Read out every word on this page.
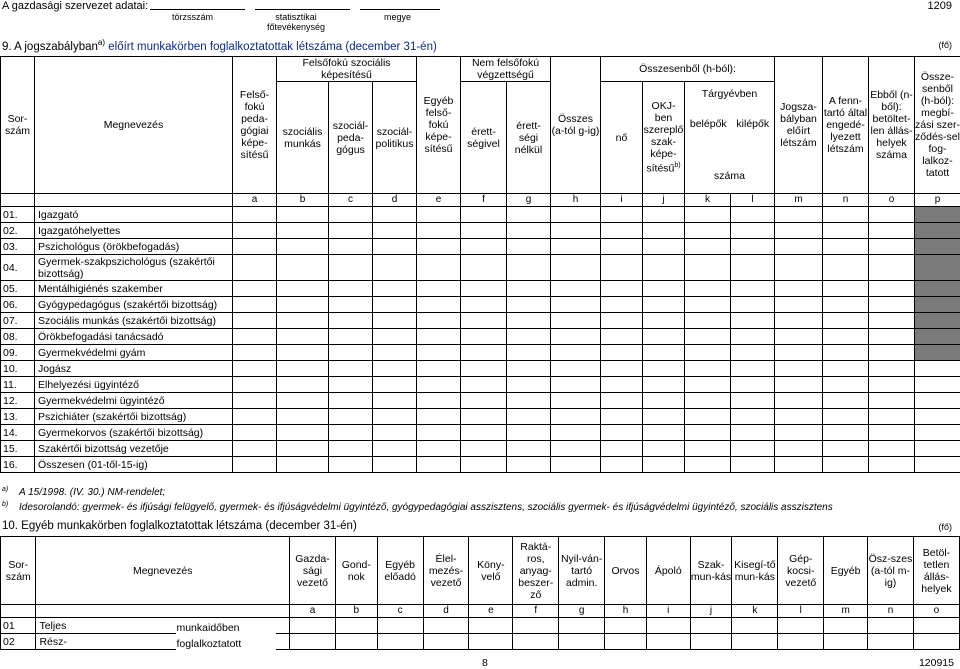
A gazdasági szervezet adatai:	1209
törzsszám	statisztikai főtevékenység
megye
9. A jogszabályban$^{a)}$ előírt munkakörben foglalkoztatottak létszáma (december 31-én)	(fő)
Sor-szám	Megnevezés	Felső-fokú peda-gógiai képe-sítésű	Felsőfokú szociális képesítésű			Egyéb felső-fokú képe-sítésű	Nem felsőfokú végzettségű		Összes (a-tól g-ig)	Összesenből (h-ból):				Jogsza-bályban előírt létszám	A fenn-tartó által engedé-lyezett létszám	Ebből (n-ből): betöltet-len állás-helyek száma	Össze-senből (h-ból): megbí-zási szer-ződés-sel fog-lalkoz-tatott
			szociális munkás	szociál-peda-gógus	szociál-politikus		érett-ségivel	érett-ségi nélkül		nő	OKJ-ben szereplő szak-képe-sítésű$^{b)}$	Tárgyévben
belépők kilépők
száma					

		a	b	c	d	e	f	g	h	i	j	k	l	m	n	o	p
01.	Igazgató																
02.	Igazgatóhelyettes																
03.	Pszichológus (örökbefogadás)																
04.	Gyermek-szakpszichológus (szakértői bizottság)																
05.	Mentálhigiénés szakember																
06.	Gyógypedagógus (szakértői bizottság)																
07.	Szociális munkás (szakértői bizottság)																
08.	Örökbefogadási tanácsadó																
09.	Gyermekvédelmi gyám																
10.	Jogász																
11.	Elhelyezési ügyintéző																
12.	Gyermekvédelmi ügyintéző																
13.	Pszichiáter (szakértői bizottság)																
14.	Gyermekorvos (szakértői bizottság)																
15.	Szakértői bizottság vezetője																
16.	Összesen (01-től-15-ig)																
$^{a)}$ A 15/1998. (IV. 30.) NM-rendelet;
$^{b)}$ Idesorolandó: gyermek- és ifjúsági felügyelő, gyermek- és ifjúságvédelmi ügyintéző, gyógypedagógiai asszisztens, szociális gyermek- és ifjúságvédelmi ügyintéző, szociális asszisztens
10. Egyéb munkakörben foglalkoztatottak létszáma (december 31-én)	(fő)
Sor-szám	Megnevezés	Gazda-sági vezető	Gond-nok	Egyéb előadó	Élel-mezés-vezető	Köny-velő	Raktá-ros, anyag-beszer-ző	Nyil-ván-tartó admin.	Orvos	Ápoló	Szak-mun-kás	Kisegí-tő mun-kás	Gép-kocsi-vezető	Egyéb	Ösz-szes (a-tól m-ig)	Betöl-tetlen állás-helyek
		a	b	c	d	e	f	g	h	i	j	k	l	m	n	o
01	Teljes munkaidőben foglalkoztatott															

02	Rész-															
8	120915
